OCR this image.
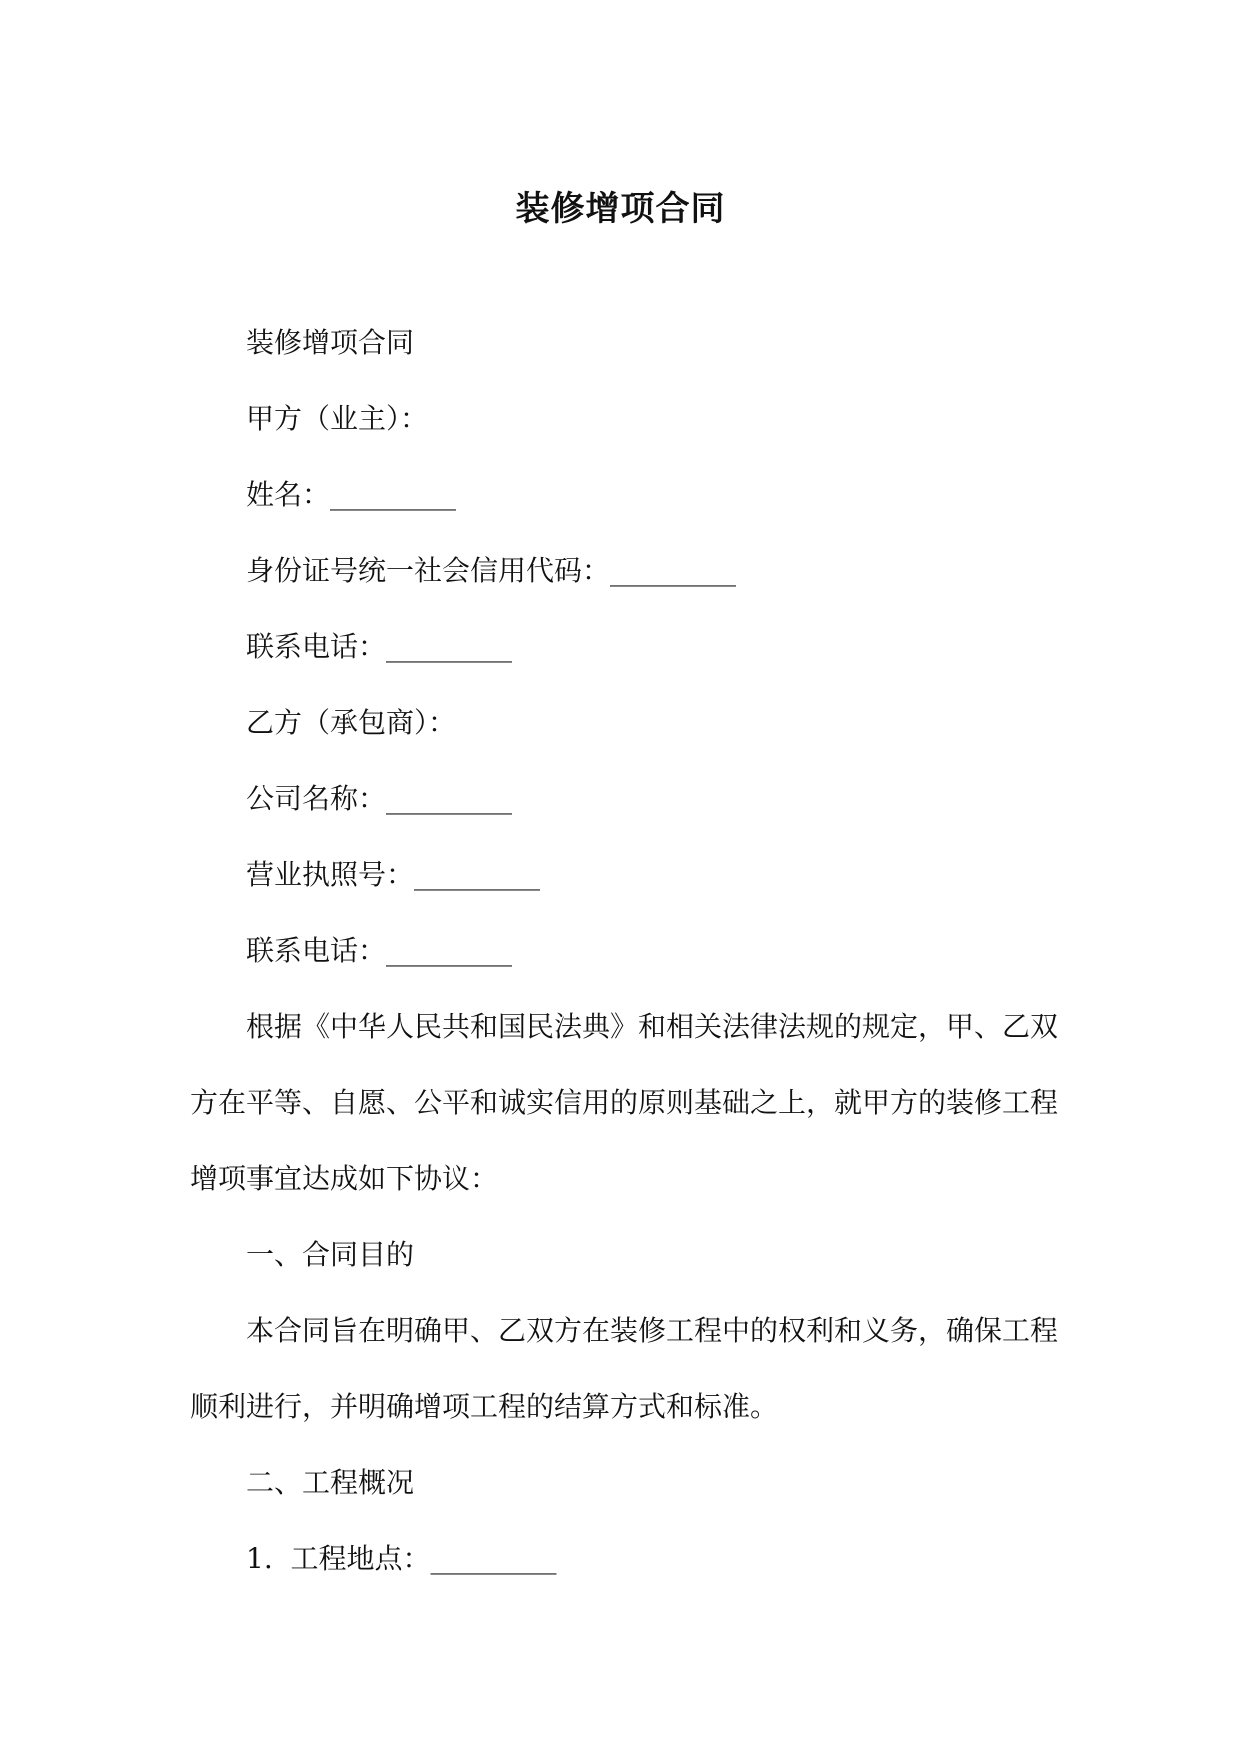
装修增项合同

装修增项合同

甲方（业主）：

姓名：_________

身份证号统一社会信用代码：_________

联系电话：_________

乙方（承包商）：

公司名称：_________

营业执照号：_________

联系电话：_________

根据《中华人民共和国民法典》和相关法律法规的规定，甲、乙双方在平等、自愿、公平和诚实信用的原则基础之上，就甲方的装修工程增项事宜达成如下协议：

一、合同目的

本合同旨在明确甲、乙双方在装修工程中的权利和义务，确保工程顺利进行，并明确增项工程的结算方式和标准。

二、工程概况

1.  工程地点：_________
